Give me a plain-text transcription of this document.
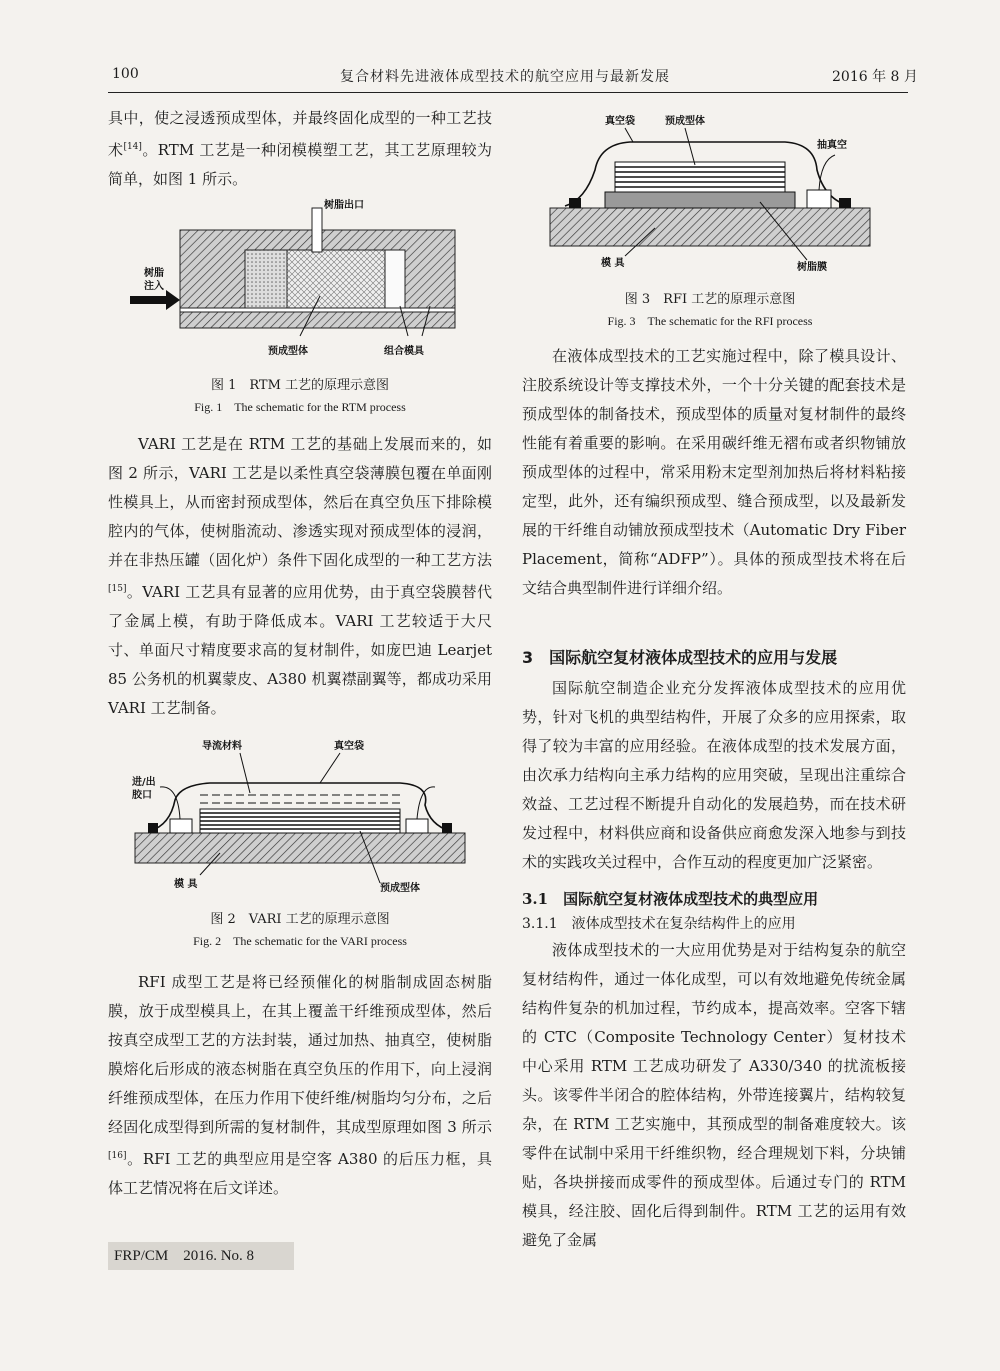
100	复合材料先进液体成型技术的航空应用与最新发展	2016 年 8 月

具中，使之浸透预成型体，并最终固化成型的一种工艺技术[14]。RTM 工艺是一种闭模模塑工艺，其工艺原理较为简单，如图 1 所示。

树脂出口
树脂
注入
预成型体	组合模具
图 1　RTM 工艺的原理示意图
Fig. 1　The schematic for the RTM process

VARI 工艺是在 RTM 工艺的基础上发展而来的，如图 2 所示，VARI 工艺是以柔性真空袋薄膜包覆在单面刚性模具上，从而密封预成型体，然后在真空负压下排除模腔内的气体，使树脂流动、渗透实现对预成型体的浸润，并在非热压罐（固化炉）条件下固化成型的一种工艺方法[15]。VARI 工艺具有显著的应用优势，由于真空袋膜替代了金属上模，有助于降低成本。VARI 工艺较适于大尺寸、单面尺寸精度要求高的复材制件，如庞巴迪 Learjet 85 公务机的机翼蒙皮、A380 机翼襟副翼等，都成功采用 VARI 工艺制备。

导流材料	真空袋
进/出
胶口
模 具	预成型体
图 2　VARI 工艺的原理示意图
Fig. 2　The schematic for the VARI process

RFI 成型工艺是将已经预催化的树脂制成固态树脂膜，放于成型模具上，在其上覆盖干纤维预成型体，然后按真空成型工艺的方法封装，通过加热、抽真空，使树脂膜熔化后形成的液态树脂在真空负压的作用下，向上浸润纤维预成型体，在压力作用下使纤维/树脂均匀分布，之后经固化成型得到所需的复材制件，其成型原理如图 3 所示[16]。RFI 工艺的典型应用是空客 A380 的后压力框，具体工艺情况将在后文详述。

真空袋	预成型体
抽真空
模 具	树脂膜
图 3　RFI 工艺的原理示意图
Fig. 3　The schematic for the RFI process

在液体成型技术的工艺实施过程中，除了模具设计、注胶系统设计等支撑技术外，一个十分关键的配套技术是预成型体的制备技术，预成型体的质量对复材制件的最终性能有着重要的影响。在采用碳纤维无褶布或者织物铺放预成型体的过程中，常采用粉末定型剂加热后将材料粘接定型，此外，还有编织预成型、缝合预成型，以及最新发展的干纤维自动铺放预成型技术（Automatic Dry Fiber Placement，简称“ADFP”）。具体的预成型技术将在后文结合典型制件进行详细介绍。

3　国际航空复材液体成型技术的应用与发展

国际航空制造企业充分发挥液体成型技术的应用优势，针对飞机的典型结构件，开展了众多的应用探索，取得了较为丰富的应用经验。在液体成型的技术发展方面，由次承力结构向主承力结构的应用突破，呈现出注重综合效益、工艺过程不断提升自动化的发展趋势，而在技术研发过程中，材料供应商和设备供应商愈发深入地参与到技术的实践攻关过程中，合作互动的程度更加广泛紧密。

3.1　国际航空复材液体成型技术的典型应用
3.1.1　液体成型技术在复杂结构件上的应用

液体成型技术的一大应用优势是对于结构复杂的航空复材结构件，通过一体化成型，可以有效地避免传统金属结构件复杂的机加过程，节约成本，提高效率。空客下辖的 CTC（Composite Technology Center）复材技术中心采用 RTM 工艺成功研发了 A330/340 的扰流板接头。该零件半闭合的腔体结构，外带连接翼片，结构较复杂，在 RTM 工艺实施中，其预成型的制备难度较大。该零件在试制中采用干纤维织物，经合理规划下料，分块铺贴，各块拼接而成零件的预成型体。后通过专门的 RTM 模具，经注胶、固化后得到制件。RTM 工艺的运用有效避免了金属

FRP/CM　2016. No. 8
